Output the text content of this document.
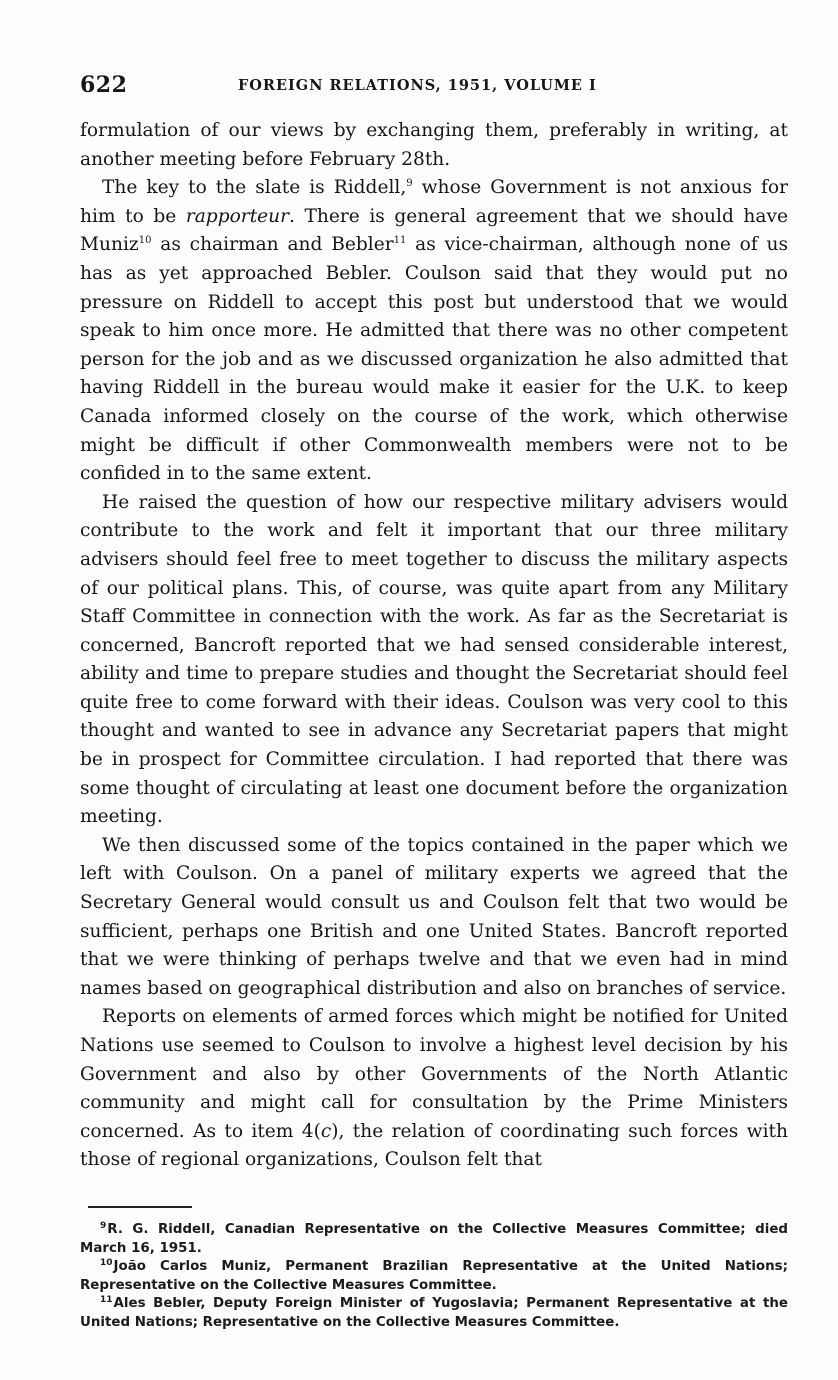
622	FOREIGN RELATIONS, 1951, VOLUME I

formulation of our views by exchanging them, preferably in writing, at another meeting before February 28th.

The key to the slate is Riddell,$^9$ whose Government is not anxious for him to be rapporteur. There is general agreement that we should have Muniz$^{10}$ as chairman and Bebler$^{11}$ as vice-chairman, although none of us has as yet approached Bebler. Coulson said that they would put no pressure on Riddell to accept this post but understood that we would speak to him once more. He admitted that there was no other competent person for the job and as we discussed organization he also admitted that having Riddell in the bureau would make it easier for the U.K. to keep Canada informed closely on the course of the work, which otherwise might be difficult if other Commonwealth members were not to be confided in to the same extent.

He raised the question of how our respective military advisers would contribute to the work and felt it important that our three military advisers should feel free to meet together to discuss the military aspects of our political plans. This, of course, was quite apart from any Military Staff Committee in connection with the work. As far as the Secretariat is concerned, Bancroft reported that we had sensed considerable interest, ability and time to prepare studies and thought the Secretariat should feel quite free to come forward with their ideas. Coulson was very cool to this thought and wanted to see in advance any Secretariat papers that might be in prospect for Committee circulation. I had reported that there was some thought of circulating at least one document before the organization meeting.

We then discussed some of the topics contained in the paper which we left with Coulson. On a panel of military experts we agreed that the Secretary General would consult us and Coulson felt that two would be sufficient, perhaps one British and one United States. Bancroft reported that we were thinking of perhaps twelve and that we even had in mind names based on geographical distribution and also on branches of service.

Reports on elements of armed forces which might be notified for United Nations use seemed to Coulson to involve a highest level decision by his Government and also by other Governments of the North Atlantic community and might call for consultation by the Prime Ministers concerned. As to item 4(c), the relation of coordinating such forces with those of regional organizations, Coulson felt that

$^9$R. G. Riddell, Canadian Representative on the Collective Measures Committee; died March 16, 1951.

$^{10}$João Carlos Muniz, Permanent Brazilian Representative at the United Nations; Representative on the Collective Measures Committee.

$^{11}$Ales Bebler, Deputy Foreign Minister of Yugoslavia; Permanent Representative at the United Nations; Representative on the Collective Measures Committee.
